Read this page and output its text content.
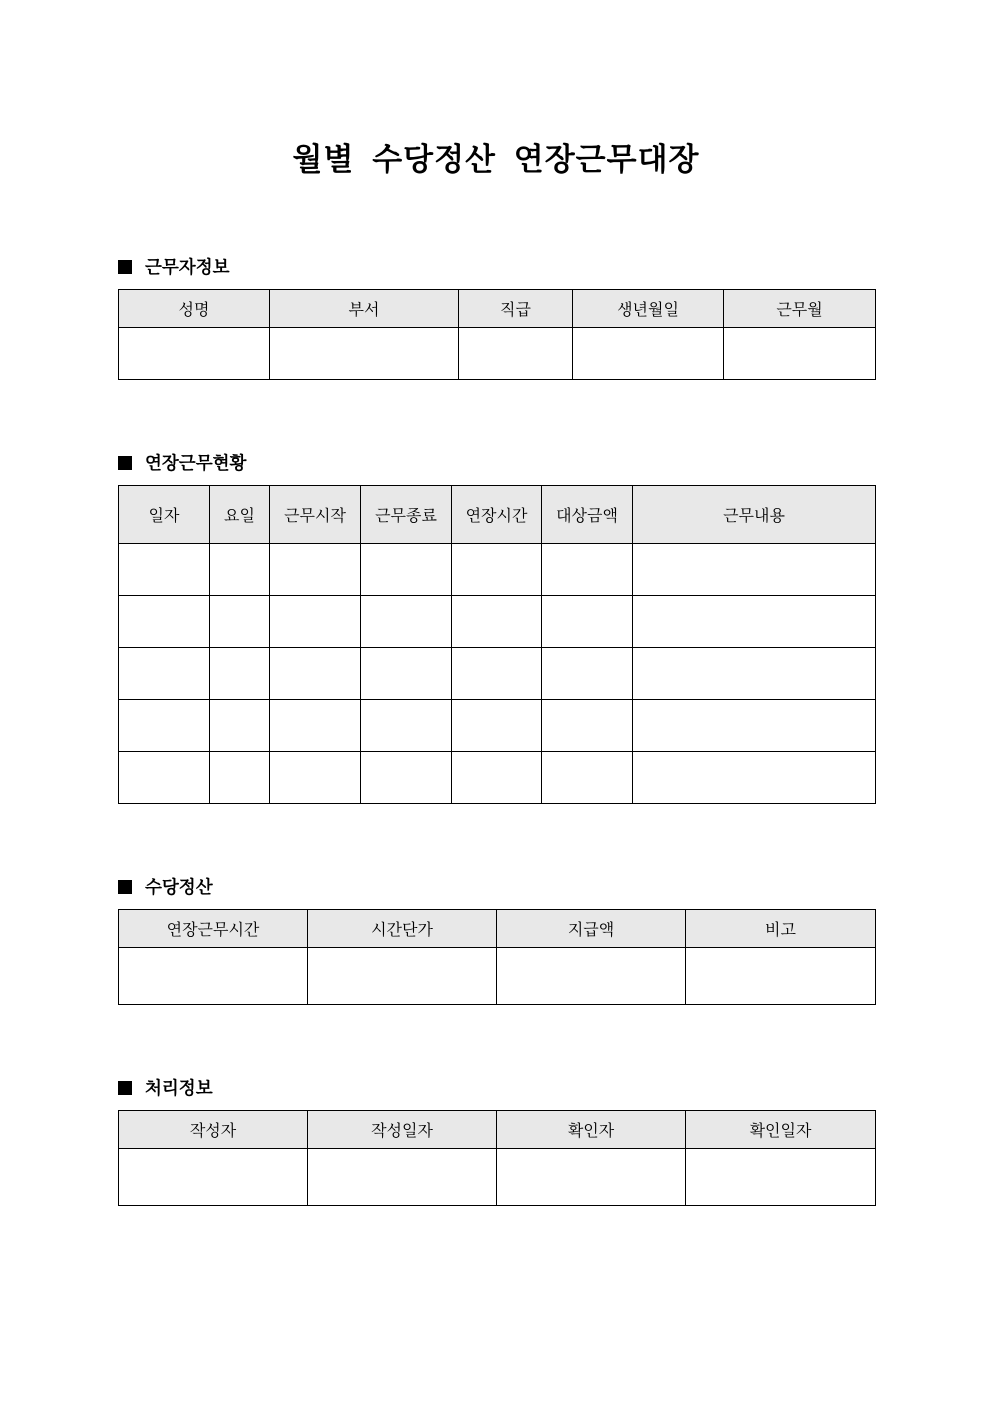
월별 수당정산 연장근무대장
근무자정보
성명	부서	직급	생년월일	근무월

연장근무현황
일자	요일	근무시작	근무종료	연장시간	대상금액	근무내용

수당정산
연장근무시간	시간단가	지급액	비고

처리정보
작성자	작성일자	확인자	확인일자
